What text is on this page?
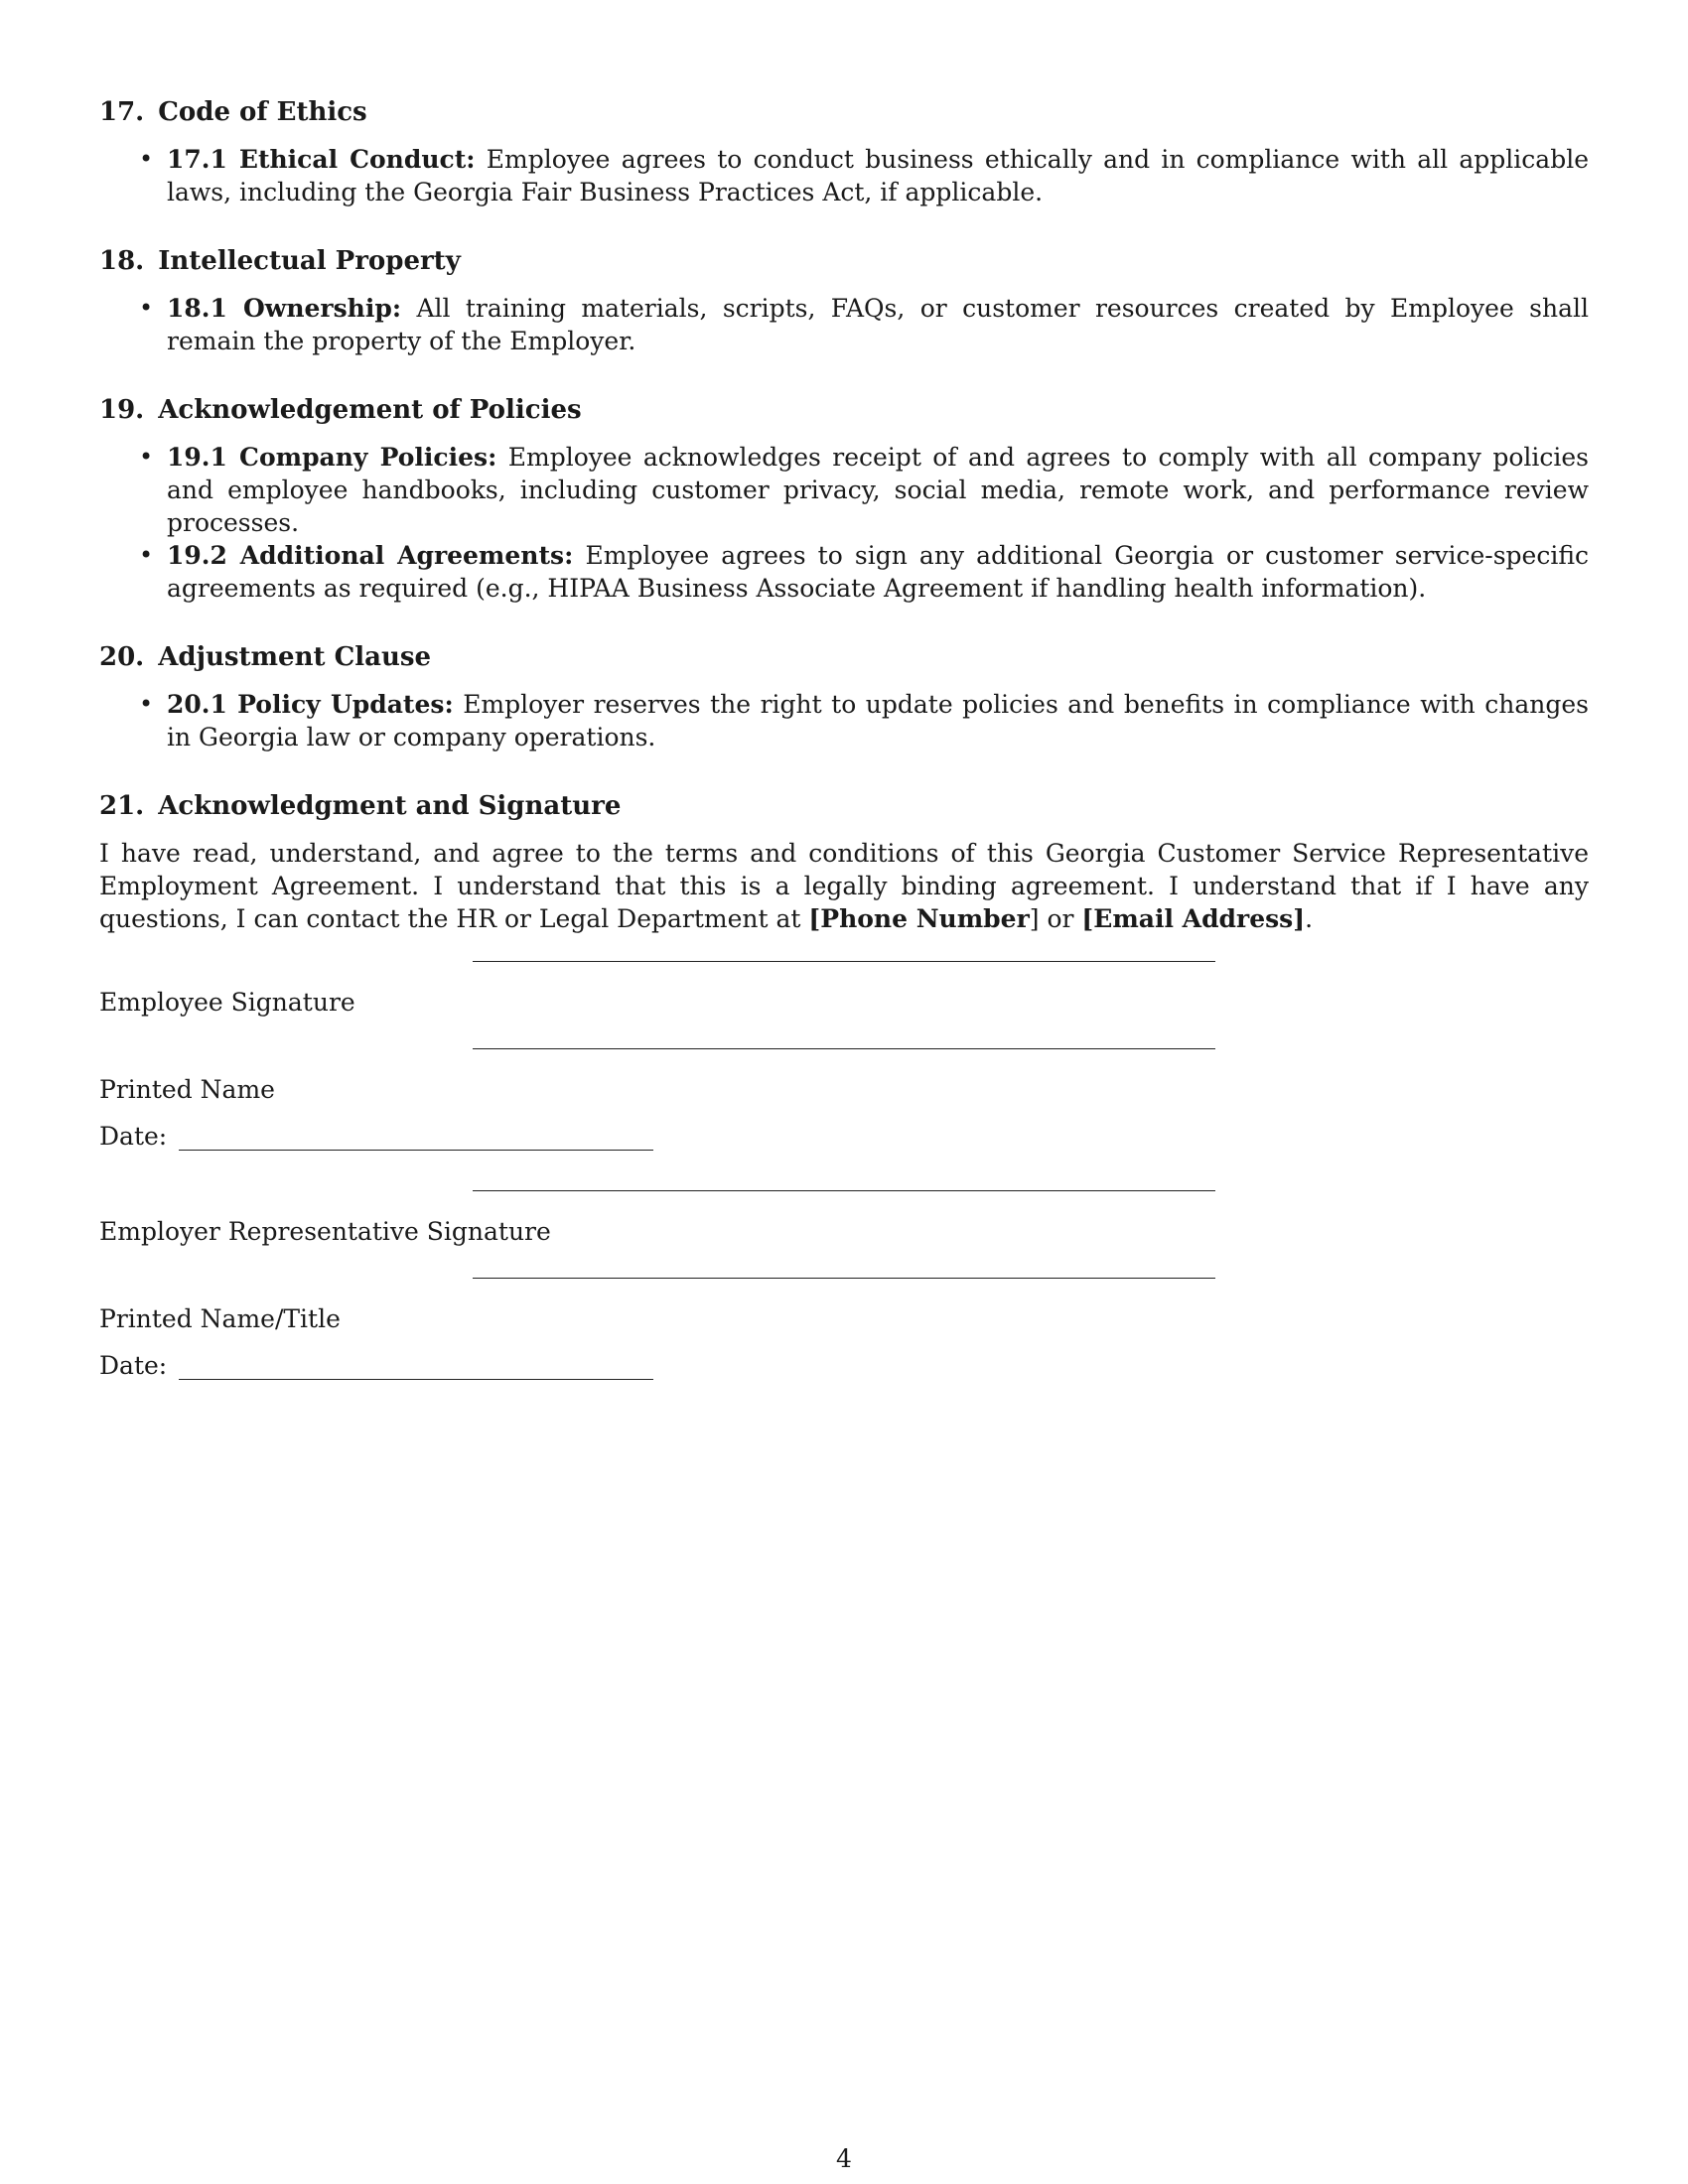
17. Code of Ethics
• 17.1 Ethical Conduct: Employee agrees to conduct business ethically and in compliance with all applicable laws, including the Georgia Fair Business Practices Act, if applicable.
18. Intellectual Property
• 18.1 Ownership: All training materials, scripts, FAQs, or customer resources created by Employee shall remain the property of the Employer.
19. Acknowledgement of Policies
• 19.1 Company Policies: Employee acknowledges receipt of and agrees to comply with all company policies and employee handbooks, including customer privacy, social media, remote work, and performance review processes.
• 19.2 Additional Agreements: Employee agrees to sign any additional Georgia or customer service-specific agreements as required (e.g., HIPAA Business Associate Agreement if handling health information).
20. Adjustment Clause
• 20.1 Policy Updates: Employer reserves the right to update policies and benefits in compliance with changes in Georgia law or company operations.
21. Acknowledgment and Signature

I have read, understand, and agree to the terms and conditions of this Georgia Customer Service Representative Employment Agreement. I understand that this is a legally binding agreement. I understand that if I have any questions, I can contact the HR or Legal Department at [Phone Number] or [Email Address].

Employee Signature
Printed Name
Date:
Employer Representative Signature
Printed Name/Title
Date:
4
